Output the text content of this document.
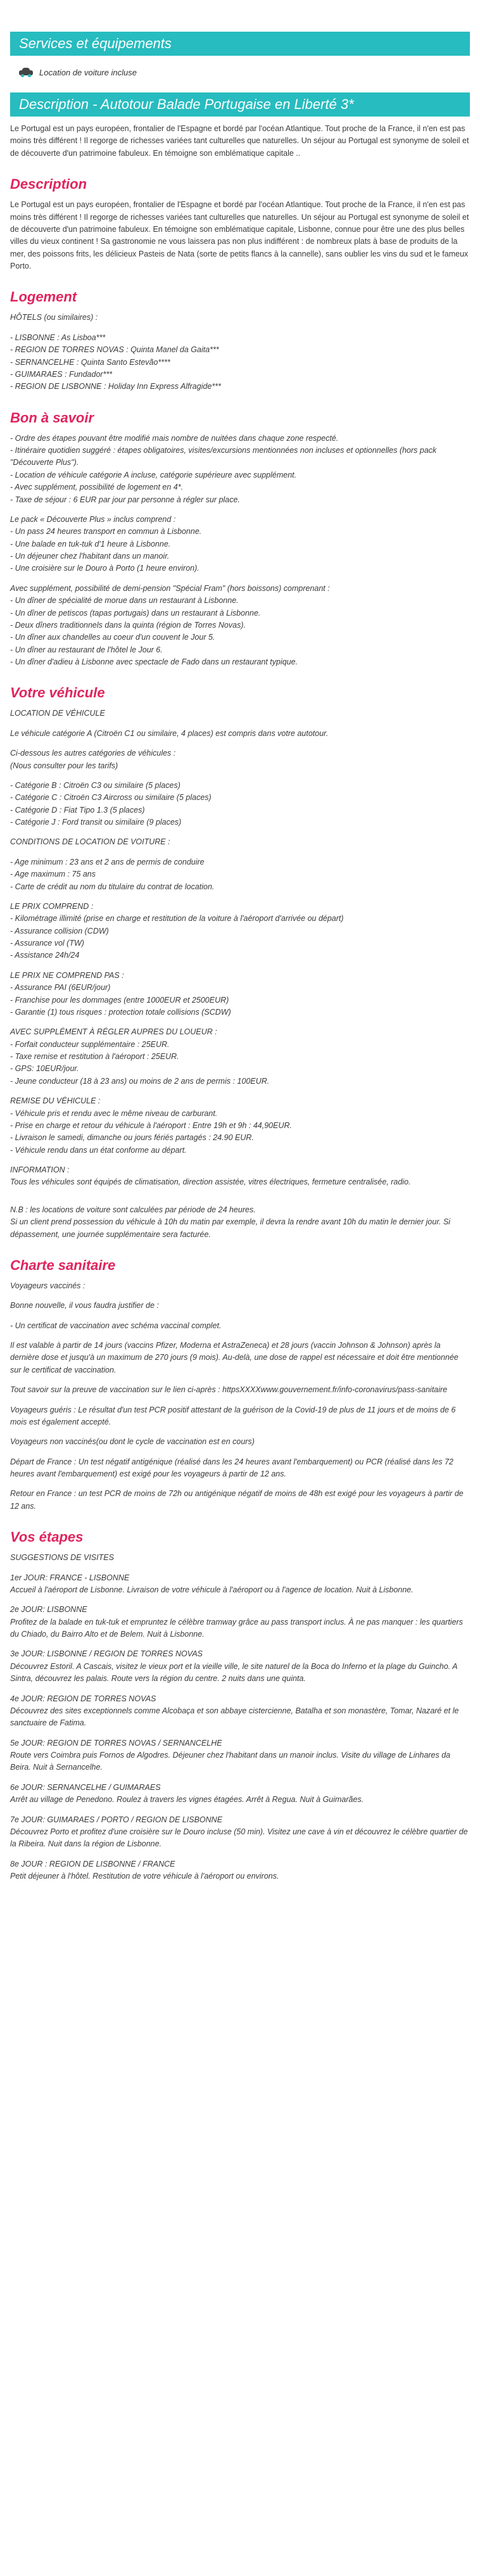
Services et équipements
Location de voiture incluse
Description - Autotour Balade Portugaise en Liberté 3*

Le Portugal est un pays européen, frontalier de l'Espagne et bordé par l'océan Atlantique. Tout proche de la France, il n'en est pas moins très différent ! Il regorge de richesses variées tant culturelles que naturelles. Un séjour au Portugal est synonyme de soleil et de découverte d'un patrimoine fabuleux. En témoigne son emblématique capitale ..

Description

Le Portugal est un pays européen, frontalier de l'Espagne et bordé par l'océan Atlantique. Tout proche de la France, il n'en est pas moins très différent ! Il regorge de richesses variées tant culturelles que naturelles. Un séjour au Portugal est synonyme de soleil et de découverte d'un patrimoine fabuleux. En témoigne son emblématique capitale, Lisbonne, connue pour être une des plus belles villes du vieux continent ! Sa gastronomie ne vous laissera pas non plus indifférent : de nombreux plats à base de produits de la mer, des poissons frits, les délicieux Pasteis de Nata (sorte de petits flancs à la cannelle), sans oublier les vins du sud et le fameux Porto.

Logement
HÔTELS (ou similaires) :
- LISBONNE : As Lisboa***
- REGION DE TORRES NOVAS : Quinta Manel da Gaita***
- SERNANCELHE : Quinta Santo Estevão****
- GUIMARAES : Fundador***
- REGION DE LISBONNE : Holiday Inn Express Alfragide***
Bon à savoir
- Ordre des étapes pouvant être modifié mais nombre de nuitées dans chaque zone respecté.
- Itinéraire quotidien suggéré : étapes obligatoires, visites/excursions mentionnées non incluses et optionnelles (hors pack "Découverte Plus").
- Location de véhicule catégorie A incluse, catégorie supérieure avec supplément.
- Avec supplément, possibilité de logement en 4*.
- Taxe de séjour : 6 EUR par jour par personne à régler sur place.
Le pack « Découverte Plus » inclus comprend :
- Un pass 24 heures transport en commun à Lisbonne.
- Une balade en tuk-tuk d'1 heure à Lisbonne.
- Un déjeuner chez l'habitant dans un manoir.
- Une croisière sur le Douro à Porto (1 heure environ).
Avec supplément, possibilité de demi-pension "Spécial Fram" (hors boissons) comprenant :
- Un dîner de spécialité de morue dans un restaurant à Lisbonne.
- Un dîner de petiscos (tapas portugais) dans un restaurant à Lisbonne.
- Deux dîners traditionnels dans la quinta (région de Torres Novas).
- Un dîner aux chandelles au coeur d'un couvent le Jour 5.
- Un dîner au restaurant de l'hôtel le Jour 6.
- Un dîner d'adieu à Lisbonne avec spectacle de Fado dans un restaurant typique.
Votre véhicule
LOCATION DE VÉHICULE
Le véhicule catégorie A (Citroën C1 ou similaire, 4 places) est compris dans votre autotour.
Ci-dessous les autres catégories de véhicules :
(Nous consulter pour les tarifs)
- Catégorie B : Citroën C3 ou similaire (5 places)
- Catégorie C : Citroën C3 Aircross ou similaire (5 places)
- Catégorie D : Fiat Tipo 1.3 (5 places)
- Catégorie J : Ford transit ou similaire (9 places)
CONDITIONS DE LOCATION DE VOITURE :
- Age minimum : 23 ans et 2 ans de permis de conduire
- Age maximum : 75 ans
- Carte de crédit au nom du titulaire du contrat de location.
LE PRIX COMPREND :
- Kilométrage illimité (prise en charge et restitution de la voiture à l'aéroport d'arrivée ou départ)
- Assurance collision (CDW)
- Assurance vol (TW)
- Assistance 24h/24
LE PRIX NE COMPREND PAS :
- Assurance PAI (6EUR/jour)
- Franchise pour les dommages (entre 1000EUR et 2500EUR)
- Garantie (1) tous risques : protection totale collisions (SCDW)
AVEC SUPPLÉMENT À RÉGLER AUPRES DU LOUEUR :
- Forfait conducteur supplémentaire : 25EUR.
- Taxe remise et restitution à l'aéroport : 25EUR.
- GPS: 10EUR/jour.
- Jeune conducteur (18 à 23 ans) ou moins de 2 ans de permis : 100EUR.
REMISE DU VÉHICULE :
- Véhicule pris et rendu avec le même niveau de carburant.
- Prise en charge et retour du véhicule à l'aéroport : Entre 19h et 9h : 44,90EUR.
- Livraison le samedi, dimanche ou jours fériés partagés : 24.90 EUR.
- Véhicule rendu dans un état conforme au départ.
INFORMATION :
Tous les véhicules sont équipés de climatisation, direction assistée, vitres électriques, fermeture centralisée, radio.
N.B : les locations de voiture sont calculées par période de 24 heures.
Si un client prend possession du véhicule à 10h du matin par exemple, il devra la rendre avant 10h du matin le dernier jour. Si dépassement, une journée supplémentaire sera facturée.
Charte sanitaire
Voyageurs vaccinés :
Bonne nouvelle, il vous faudra justifier de :
- Un certificat de vaccination avec schéma vaccinal complet.
Il est valable à partir de 14 jours (vaccins Pfizer, Moderna et AstraZeneca) et 28 jours (vaccin Johnson & Johnson) après la dernière dose et jusqu'à un maximum de 270 jours (9 mois). Au-delà, une dose de rappel est nécessaire et doit être mentionnée sur le certificat de vaccination.
Tout savoir sur la preuve de vaccination sur le lien ci-après : httpsXXXXwww.gouvernement.fr/info-coronavirus/pass-sanitaire
Voyageurs guéris : Le résultat d'un test PCR positif attestant de la guérison de la Covid-19 de plus de 11 jours et de moins de 6 mois est également accepté.
Voyageurs non vaccinés(ou dont le cycle de vaccination est en cours)
Départ de France : Un test négatif antigénique (réalisé dans les 24 heures avant l'embarquement) ou PCR (réalisé dans les 72 heures avant l'embarquement) est exigé pour les voyageurs à partir de 12 ans.
Retour en France : un test PCR de moins de 72h ou antigénique négatif de moins de 48h est exigé pour les voyageurs à partir de 12 ans.
Vos étapes
SUGGESTIONS DE VISITES
1er JOUR: FRANCE - LISBONNE
Accueil à l'aéroport de Lisbonne. Livraison de votre véhicule à l'aéroport ou à l'agence de location. Nuit à Lisbonne.
2e JOUR: LISBONNE
Profitez de la balade en tuk-tuk et empruntez le célèbre tramway grâce au pass transport inclus. À ne pas manquer : les quartiers du Chiado, du Bairro Alto et de Belem. Nuit à Lisbonne.
3e JOUR: LISBONNE / REGION DE TORRES NOVAS
Découvrez Estoril. A Cascais, visitez le vieux port et la vieille ville, le site naturel de la Boca do Inferno et la plage du Guincho. A Sintra, découvrez les palais. Route vers la région du centre. 2 nuits dans une quinta.
4e JOUR: REGION DE TORRES NOVAS
Découvrez des sites exceptionnels comme Alcobaça et son abbaye cistercienne, Batalha et son monastère, Tomar, Nazaré et le sanctuaire de Fatima.
5e JOUR: REGION DE TORRES NOVAS / SERNANCELHE
Route vers Coimbra puis Fornos de Algodres. Déjeuner chez l'habitant dans un manoir inclus. Visite du village de Linhares da Beira. Nuit à Sernancelhe.
6e JOUR: SERNANCELHE / GUIMARAES
Arrêt au village de Penedono. Roulez à travers les vignes étagées. Arrêt à Regua. Nuit à Guimarães.
7e JOUR: GUIMARAES / PORTO / REGION DE LISBONNE
Découvrez Porto et profitez d'une croisière sur le Douro incluse (50 min). Visitez une cave à vin et découvrez le célèbre quartier de la Ribeira. Nuit dans la région de Lisbonne.
8e JOUR : REGION DE LISBONNE / FRANCE
Petit déjeuner à l'hôtel. Restitution de votre véhicule à l'aéroport ou environs.
